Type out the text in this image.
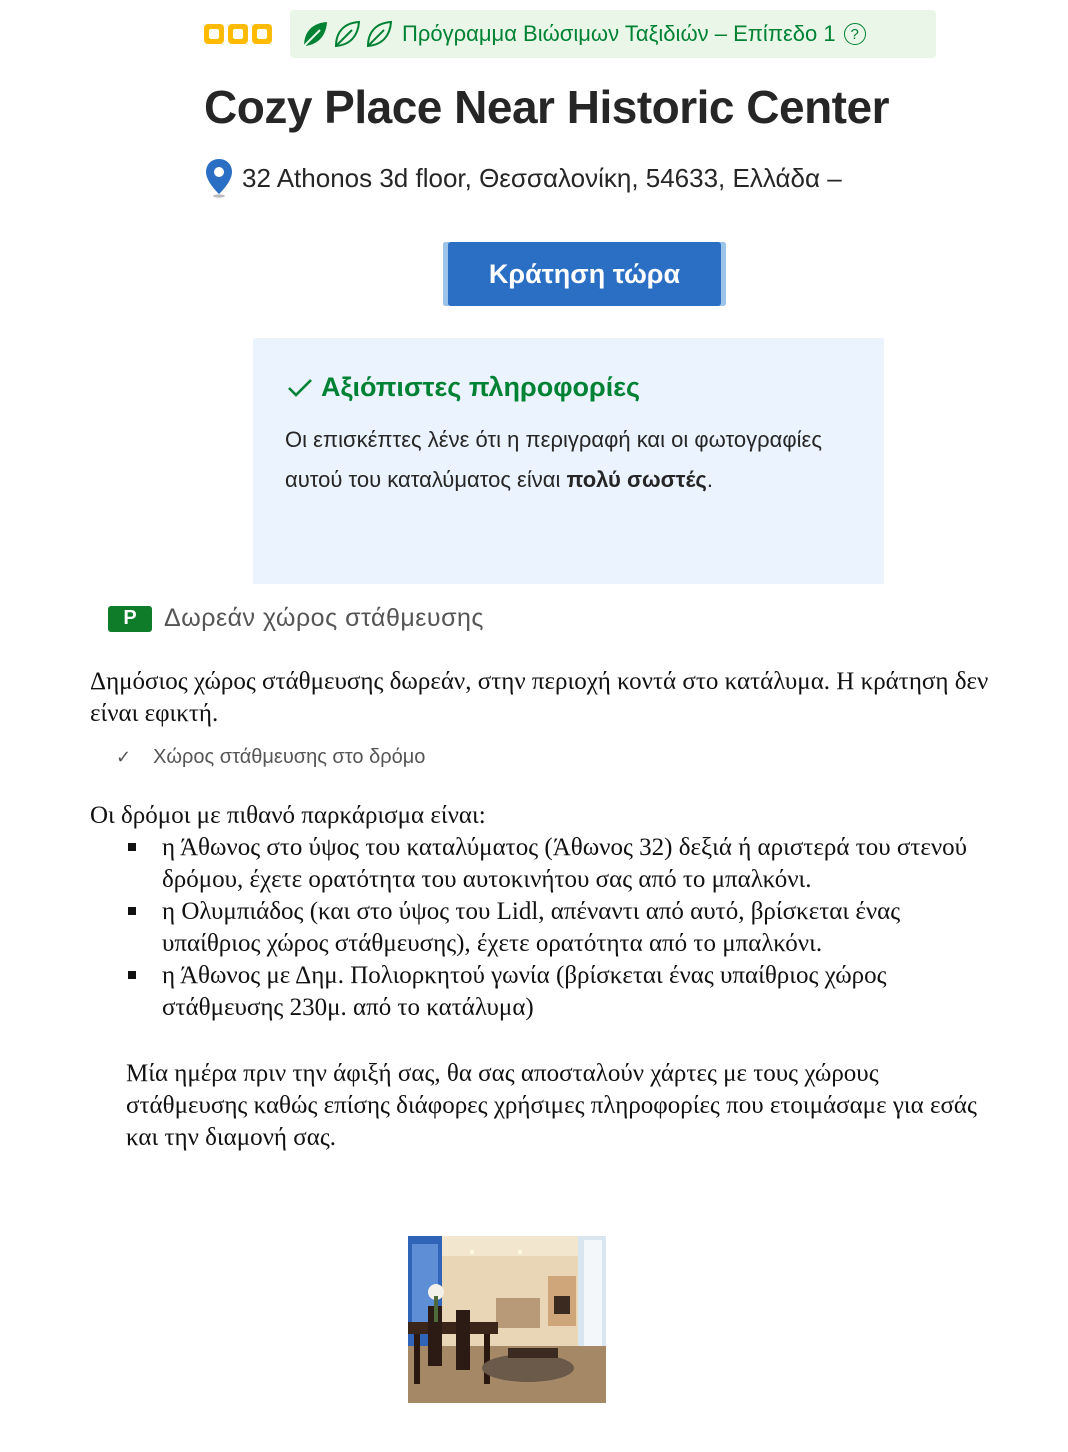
Πρόγραμμα Βιώσιμων Ταξιδιών – Επίπεδο 1 ?
Cozy Place Near Historic Center
32 Athonos 3d floor, Θεσσαλονίκη, 54633, Ελλάδα –
Κράτηση τώρα
Αξιόπιστες πληροφορίες
Οι επισκέπτες λένε ότι η περιγραφή και οι φωτογραφίες αυτού του καταλύματος είναι πολύ σωστές.
P	Δωρεάν χώρος στάθμευσης
Δημόσιος χώρος στάθμευσης δωρεάν, στην περιοχή κοντά στο κατάλυμα. Η κράτηση δεν είναι εφικτή.
✓ Χώρος στάθμευσης στο δρόμο
Οι δρόμοι με πιθανό παρκάρισμα είναι:
η Άθωνος στο ύψος του καταλύματος (Άθωνος 32) δεξιά ή αριστερά του στενού δρόμου, έχετε ορατότητα του αυτοκινήτου σας από το μπαλκόνι.
η Ολυμπιάδος (και στο ύψος του Lidl, απέναντι από αυτό, βρίσκεται ένας υπαίθριος χώρος στάθμευσης), έχετε ορατότητα από το μπαλκόνι.
η Άθωνος με Δημ. Πολιορκητού γωνία (βρίσκεται ένας υπαίθριος χώρος στάθμευσης 230μ. από το κατάλυμα)
Μία ημέρα πριν την άφιξή σας, θα σας αποσταλούν χάρτες με τους χώρους στάθμευσης καθώς επίσης διάφορες χρήσιμες πληροφορίες που ετοιμάσαμε για εσάς και την διαμονή σας.
